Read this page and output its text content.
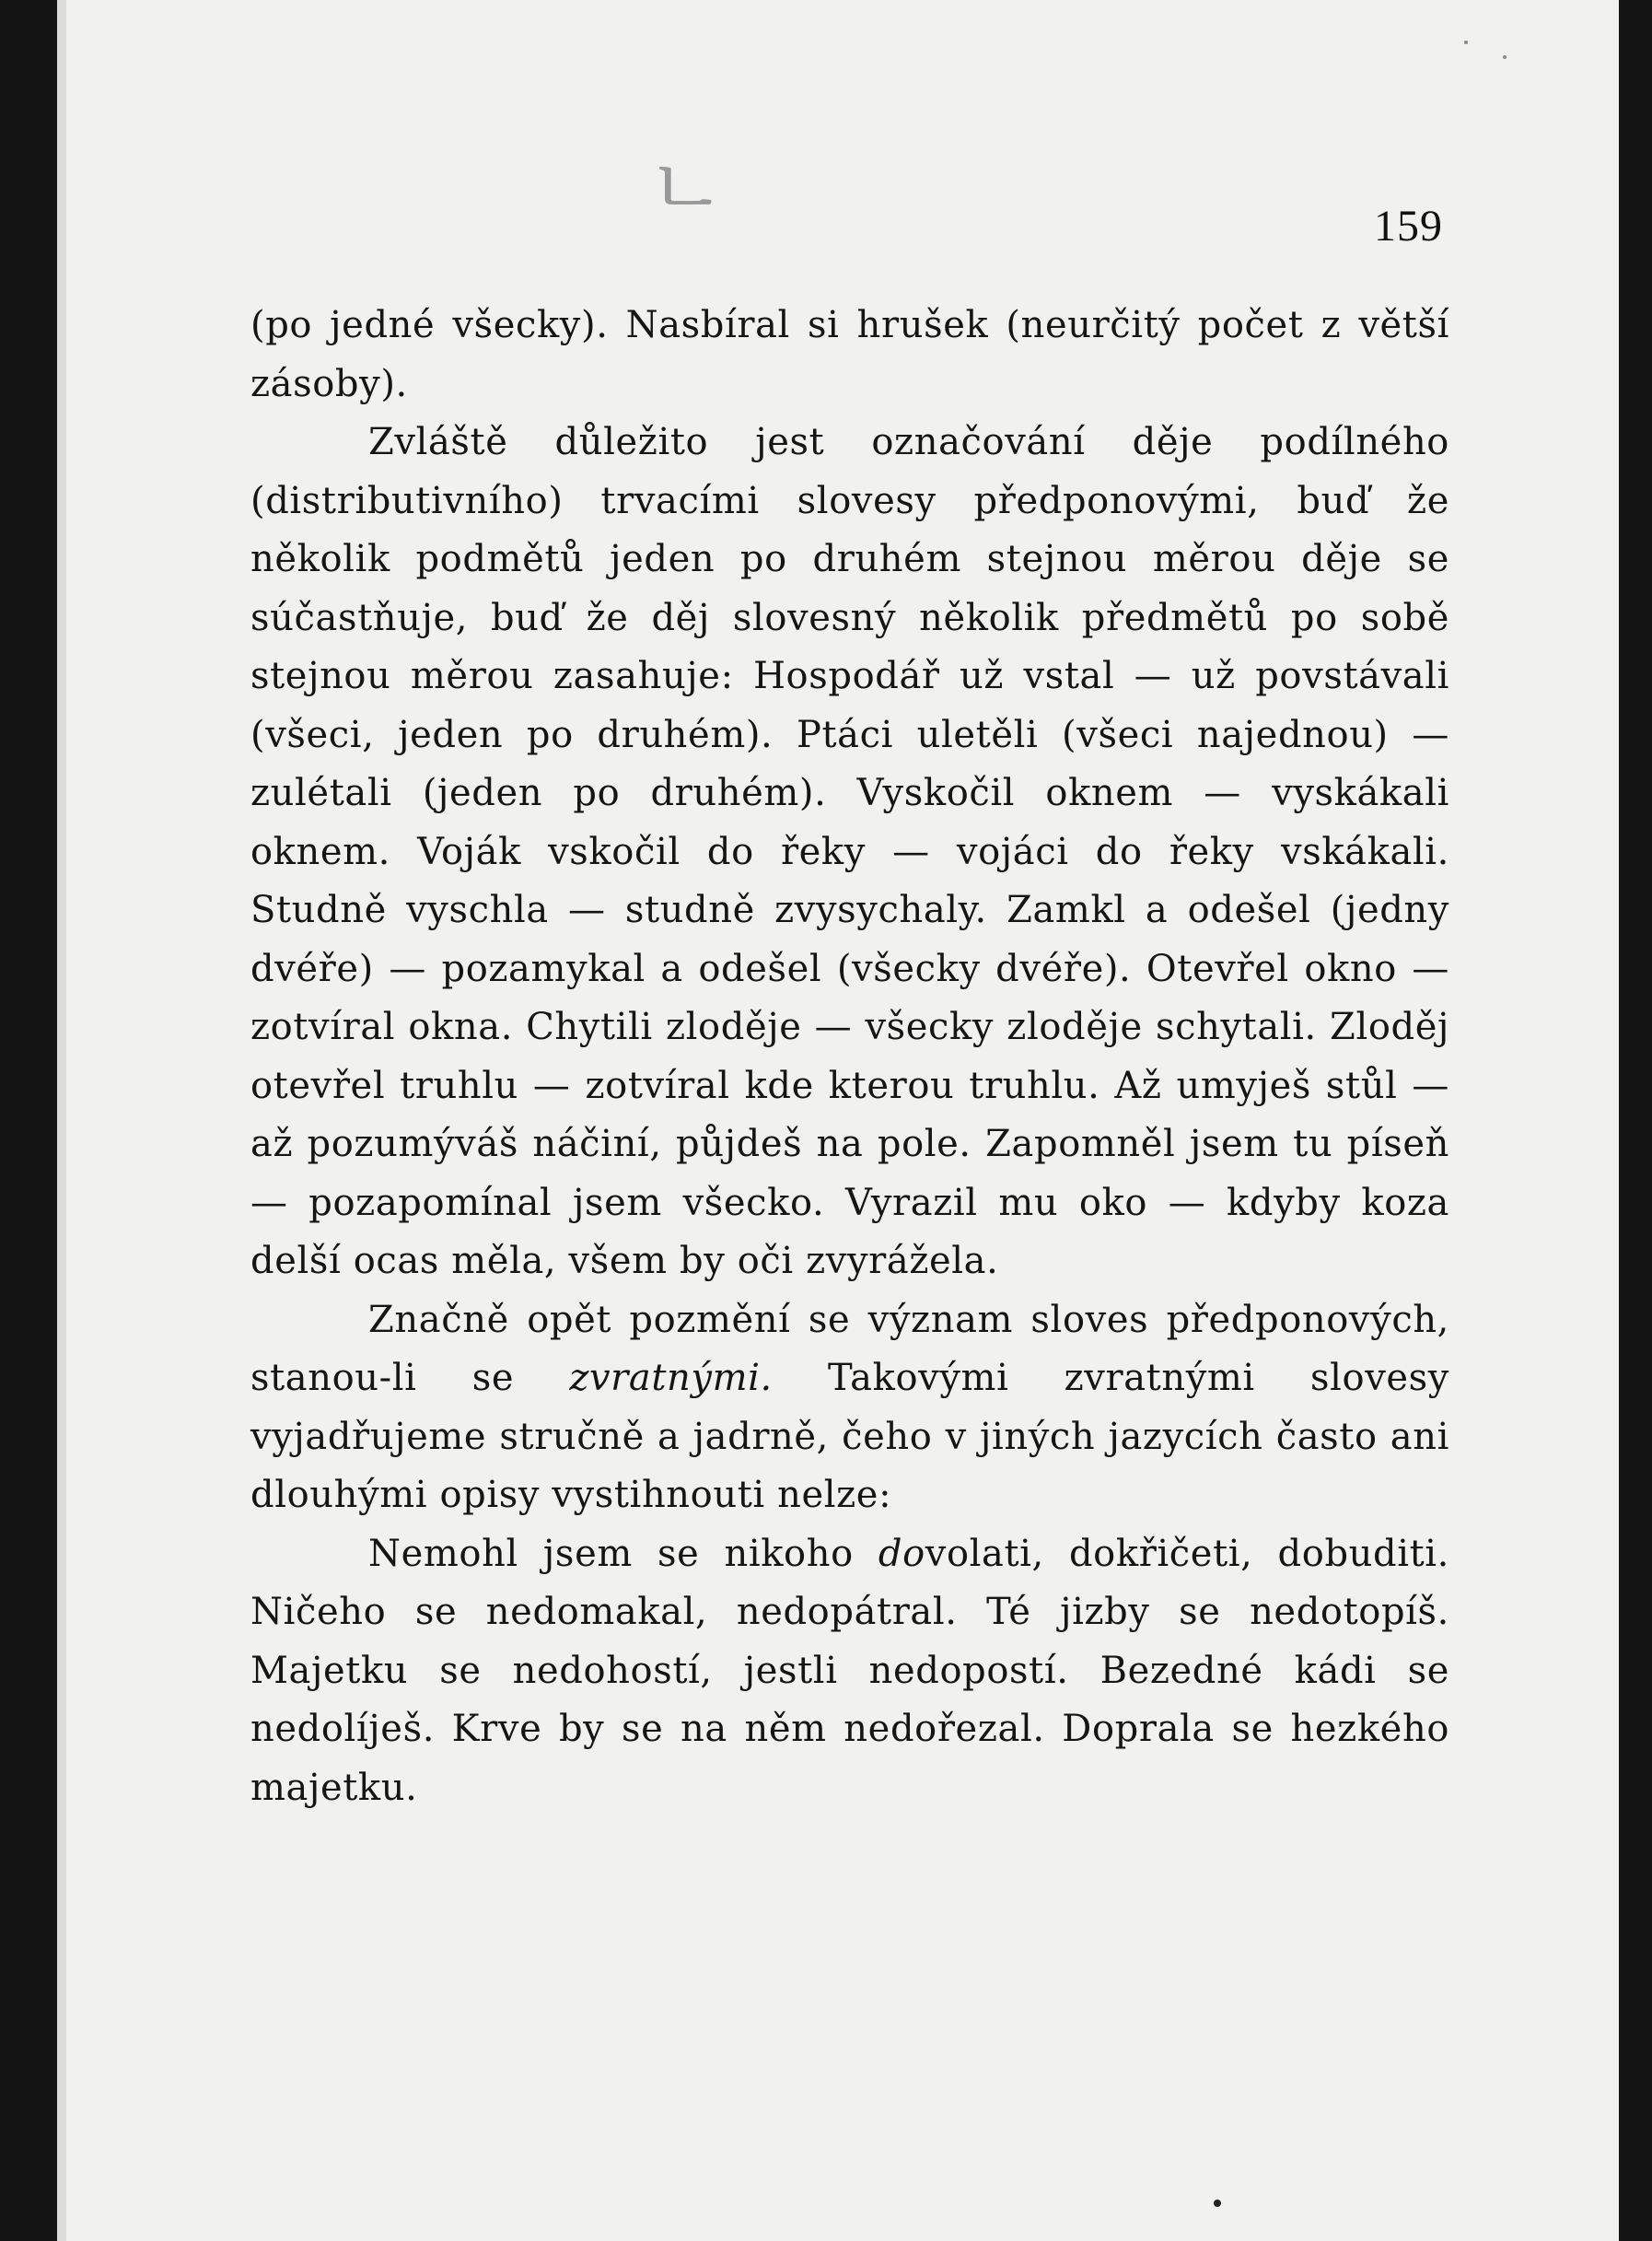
ㄴ	159

(po jedné všecky). Nasbíral si hrušek (neurčitý počet z větší zásoby).

Zvláště důležito jest označování děje podílného (distributivního) trvacími slovesy předponovými, buď že několik podmětů jeden po druhém stejnou měrou děje se súčastňuje, buď že děj slovesný několik předmětů po sobě stejnou měrou zasahuje: Hospodář už vstal — už povstávali (všeci, jeden po druhém). Ptáci uletěli (všeci najednou) — zulétali (jeden po druhém). Vyskočil oknem — vyskákali oknem. Voják vskočil do řeky — vojáci do řeky vskákali. Studně vyschla — studně zvysychaly. Zamkl a odešel (jedny dvéře) — pozamykal a odešel (všecky dvéře). Otevřel okno — zotvíral okna. Chytili zloděje — všecky zloděje schytali. Zloděj otevřel truhlu — zotvíral kde kterou truhlu. Až umyješ stůl — až pozumýváš náčiní, půjdeš na pole. Zapomněl jsem tu píseň — pozapomínal jsem všecko. Vyrazil mu oko — kdyby koza delší ocas měla, všem by oči zvyrážela.

Značně opět pozmění se význam sloves předponových, stanou-li se zvratnými. Takovými zvratnými slovesy vyjadřujeme stručně a jadrně, čeho v jiných jazycích často ani dlouhými opisy vystihnouti nelze:

Nemohl jsem se nikoho dovolati, dokřičeti, dobuditi. Ničeho se nedomakal, nedopátral. Té jizby se nedotopíš. Majetku se nedohostí, jestli nedopostí. Bezedné kádi se nedolíješ. Krve by se na něm nedořezal. Doprala se hezkého majetku.
